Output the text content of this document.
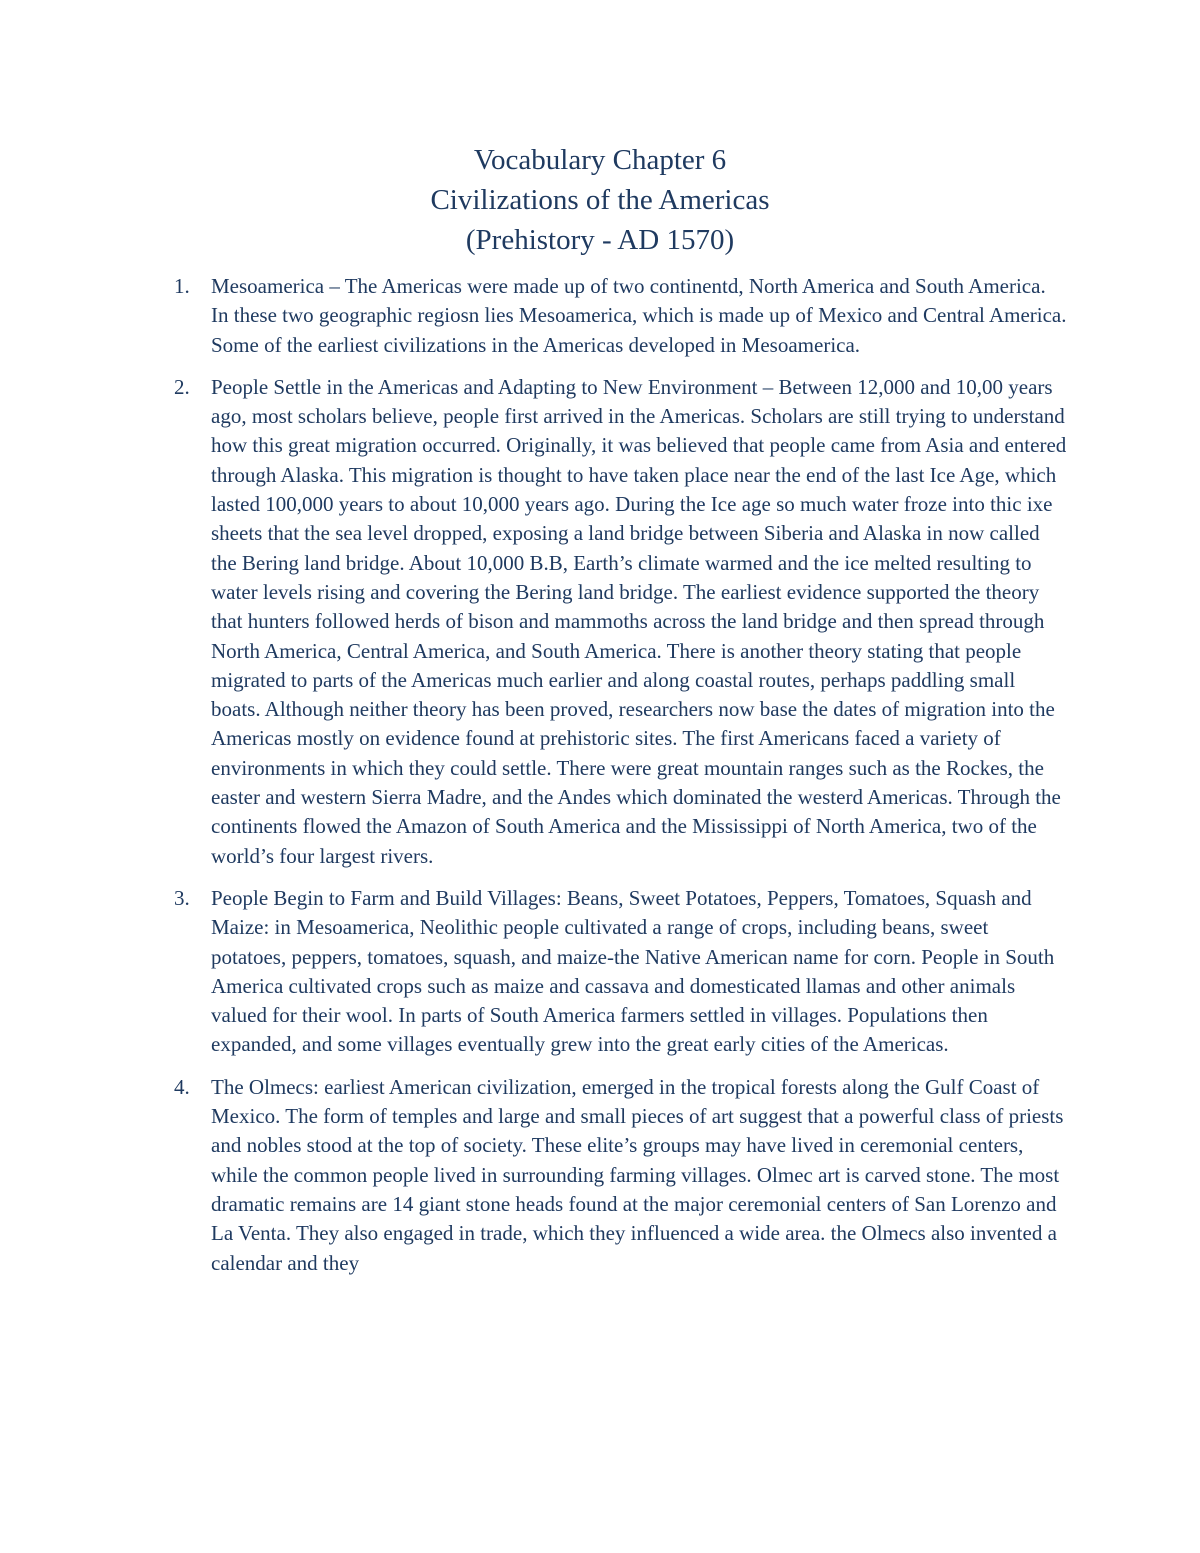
Vocabulary Chapter 6
Civilizations of the Americas
(Prehistory - AD 1570)
1. Mesoamerica – The Americas were made up of two continentd, North America and South America. In these two geographic regiosn lies Mesoamerica, which is made up of Mexico and Central America. Some of the earliest civilizations in the Americas developed in Mesoamerica.
2. People Settle in the Americas and Adapting to New Environment – Between 12,000 and 10,00 years ago, most scholars believe, people first arrived in the Americas. Scholars are still trying to understand how this great migration occurred. Originally, it was believed that people came from Asia and entered through Alaska. This migration is thought to have taken place near the end of the last Ice Age, which lasted 100,000 years to about 10,000 years ago. During the Ice age so much water froze into thic ixe sheets that the sea level dropped, exposing a land bridge between Siberia and Alaska in now called the Bering land bridge. About 10,000 B.B, Earth’s climate warmed and the ice melted resulting to water levels rising and covering the Bering land bridge. The earliest evidence supported the theory that hunters followed herds of bison and mammoths across the land bridge and then spread through North America, Central America, and South America. There is another theory stating that people migrated to parts of the Americas much earlier and along coastal routes, perhaps paddling small boats. Although neither theory has been proved, researchers now base the dates of migration into the Americas mostly on evidence found at prehistoric sites. The first Americans faced a variety of environments in which they could settle. There were great mountain ranges such as the Rockes, the easter and western Sierra Madre, and the Andes which dominated the westerd Americas. Through the continents flowed the Amazon of South America and the Mississippi of North America, two of the world’s four largest rivers.
3. People Begin to Farm and Build Villages: Beans, Sweet Potatoes, Peppers, Tomatoes, Squash and Maize: in Mesoamerica, Neolithic people cultivated a range of crops, including beans, sweet potatoes, peppers, tomatoes, squash, and maize-the Native American name for corn. People in South America cultivated crops such as maize and cassava and domesticated llamas and other animals valued for their wool. In parts of South America farmers settled in villages. Populations then expanded, and some villages eventually grew into the great early cities of the Americas.
4. The Olmecs: earliest American civilization, emerged in the tropical forests along the Gulf Coast of Mexico. The form of temples and large and small pieces of art suggest that a powerful class of priests and nobles stood at the top of society. These elite’s groups may have lived in ceremonial centers, while the common people lived in surrounding farming villages. Olmec art is carved stone. The most dramatic remains are 14 giant stone heads found at the major ceremonial centers of San Lorenzo and La Venta. They also engaged in trade, which they influenced a wide area. the Olmecs also invented a calendar and they
